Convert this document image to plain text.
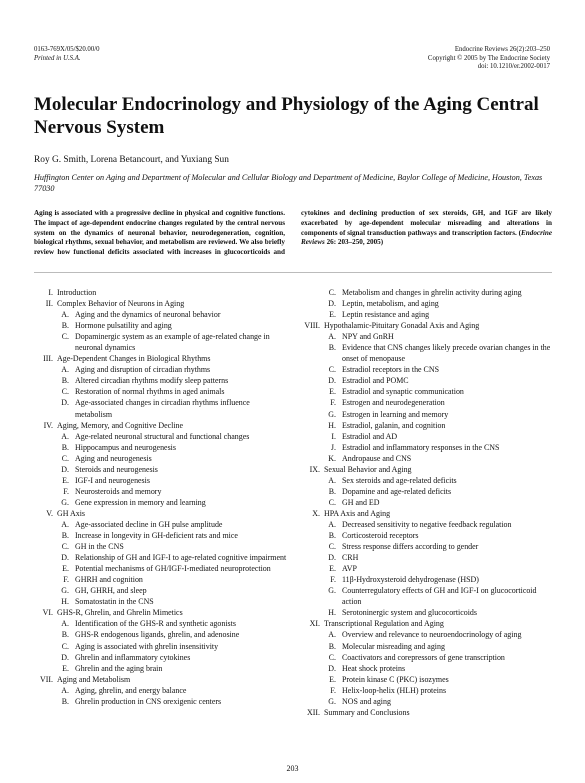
0163-769X/05/$20.00/0
Printed in U.S.A.
Endocrine Reviews 26(2):203–250
Copyright © 2005 by The Endocrine Society
doi: 10.1210/er.2002-0017
Molecular Endocrinology and Physiology of the Aging Central Nervous System
Roy G. Smith, Lorena Betancourt, and Yuxiang Sun
Huffington Center on Aging and Department of Molecular and Cellular Biology and Department of Medicine, Baylor College of Medicine, Houston, Texas 77030
Aging is associated with a progressive decline in physical and cognitive functions. The impact of age-dependent endocrine changes regulated by the central nervous system on the dynamics of neuronal behavior, neurodegeneration, cognition, biological rhythms, sexual behavior, and metabolism are reviewed. We also briefly review how functional deficits associated with increases in glucocorticoids and cytokines and declining production of sex steroids, GH, and IGF are likely exacerbated by age-dependent molecular misreading and alterations in components of signal transduction pathways and transcription factors. (Endocrine Reviews 26: 203–250, 2005)
I. Introduction
II. Complex Behavior of Neurons in Aging
A. Aging and the dynamics of neuronal behavior
B. Hormone pulsatility and aging
C. Dopaminergic system as an example of age-related change in neuronal dynamics
III. Age-Dependent Changes in Biological Rhythms
A. Aging and disruption of circadian rhythms
B. Altered circadian rhythms modify sleep patterns
C. Restoration of normal rhythms in aged animals
D. Age-associated changes in circadian rhythms influence metabolism
IV. Aging, Memory, and Cognitive Decline
A. Age-related neuronal structural and functional changes
B. Hippocampus and neurogenesis
C. Aging and neurogenesis
D. Steroids and neurogenesis
E. IGF-I and neurogenesis
F. Neurosteroids and memory
G. Gene expression in memory and learning
V. GH Axis
A. Age-associated decline in GH pulse amplitude
B. Increase in longevity in GH-deficient rats and mice
C. GH in the CNS
D. Relationship of GH and IGF-I to age-related cognitive impairment
E. Potential mechanisms of GH/IGF-I-mediated neuroprotection
F. GHRH and cognition
G. GH, GHRH, and sleep
H. Somatostatin in the CNS
VI. GHS-R, Ghrelin, and Ghrelin Mimetics
A. Identification of the GHS-R and synthetic agonists
B. GHS-R endogenous ligands, ghrelin, and adenosine
C. Aging is associated with ghrelin insensitivity
D. Ghrelin and inflammatory cytokines
E. Ghrelin and the aging brain
VII. Aging and Metabolism
A. Aging, ghrelin, and energy balance
B. Ghrelin production in CNS orexigenic centers
C. Metabolism and changes in ghrelin activity during aging
D. Leptin, metabolism, and aging
E. Leptin resistance and aging
VIII. Hypothalamic-Pituitary Gonadal Axis and Aging
A. NPY and GnRH
B. Evidence that CNS changes likely precede ovarian changes in the onset of menopause
C. Estradiol receptors in the CNS
D. Estradiol and POMC
E. Estradiol and synaptic communication
F. Estrogen and neurodegeneration
G. Estrogen in learning and memory
H. Estradiol, galanin, and cognition
I. Estradiol and AD
J. Estradiol and inflammatory responses in the CNS
K. Andropause and CNS
IX. Sexual Behavior and Aging
A. Sex steroids and age-related deficits
B. Dopamine and age-related deficits
C. GH and ED
X. HPA Axis and Aging
A. Decreased sensitivity to negative feedback regulation
B. Corticosteroid receptors
C. Stress response differs according to gender
D. CRH
E. AVP
F. 11β-Hydroxysteroid dehydrogenase (HSD)
G. Counterregulatory effects of GH and IGF-I on glucocorticoid action
H. Serotoninergic system and glucocorticoids
XI. Transcriptional Regulation and Aging
A. Overview and relevance to neuroendocrinology of aging
B. Molecular misreading and aging
C. Coactivators and corepressors of gene transcription
D. Heat shock proteins
E. Protein kinase C (PKC) isozymes
F. Helix-loop-helix (HLH) proteins
G. NOS and aging
XII. Summary and Conclusions
203
